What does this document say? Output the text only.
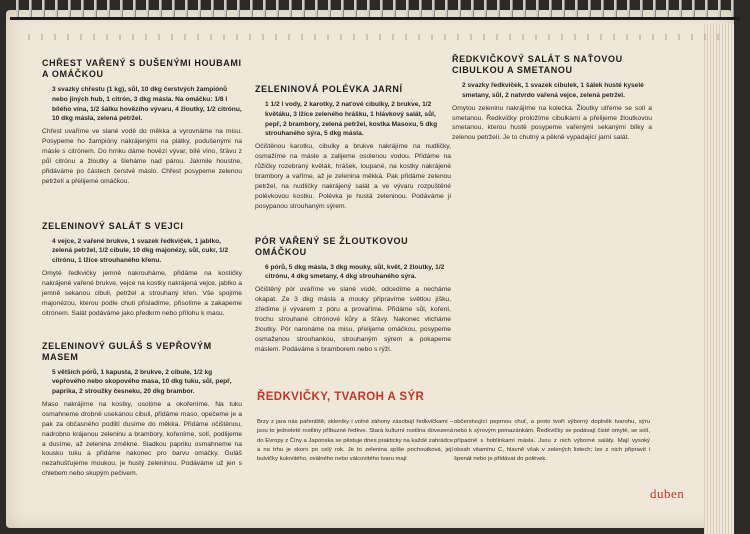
CHŘEST VAŘENÝ S DUŠENÝMI HOUBAMI A OMÁČKOU

3 svazky chřestu (1 kg), sůl, 10 dkg čerstvých žampiónů nebo jiných hub, 1 citrón, 3 dkg másla. Na omáčku: 1/8 l bílého vína, 1/2 šálku hovězího vývaru, 4 žloutky, 1/2 citrónu, 10 dkg másla, zelená petržel.

Chřest uvaříme ve slané vodě do měkka a vyrovnáme na misu. Posypeme ho žampióny nakrájenými na plátky, podušenými na másle s citrónem. Do hrnku dáme hovězí vývar, bílé víno, šťávu z půl citrónu a žloutky a šleháme nad párou. Jakmile houstne, přidáváme po částech čerstvé máslo. Chřest posypeme zelenou petrželí a přelijeme omáčkou.

ZELENINOVÝ SALÁT S VEJCI

4 vejce, 2 vařené brukve, 1 svazek ředkviček, 1 jablko, zelená petržel, 1/2 cibule, 10 dkg majonézy, sůl, cukr, 1/2 citrónu, 1 lžíce strouhaného křenu.

Omyté ředkvičky jemně nakrouháme, přidáme na kostičky nakrájené vařené brukve, vejce na kostky nakrájená vejce, jablko a jemně sekanou cibuli, petržel a strouhaný křen. Vše spojíme majonézou, kterou podle chuti přisladíme, přisolíme a zakapeme citrónem. Salát podáváme jako předkrm nebo přílohu k masu.

ZELENINOVÝ GULÁŠ S VEPŘOVÝM MASEM

5 větších pórů, 1 kapusta, 2 brukve, 2 cibule, 1/2 kg vepřového nebo skopového masa, 10 dkg tuku, sůl, pepř, paprika, 2 stroužky česneku, 20 dkg brambor.

Maso nakrájíme na kostky, osolíme a okořeníme. Na tuku osmahneme drobně usekanou cibuli, přidáme maso, opečeme je a pak za občasného podlití dusíme do měkka. Přidáme očištěnou, nadrobno krájenou zeleninu a brambory, kořeníme, solí, podlijeme a dusíme, až zelenina změkne. Sladkou papriku osmahneme na kousku tuku a přidáme nakonec pro barvu omáčky. Guláš nezahušťujeme moukou, je hustý zeleninou. Podáváme už jen s chlebem nebo skupým pečivem.

ZELENINOVÁ POLÉVKA JARNÍ

1 1/2 l vody, 2 karotky, 2 naťové cibulky, 2 brukve, 1/2 květáku, 3 lžíce zeleného hrášku, 1 hlávkový salát, sůl, pepř, 2 brambory, zelená petržel, kostka Masoxu, 5 dkg strouhaného sýra, 5 dkg másla.

Očištěnou karotku, cibulky a brukve nakrájíme na nudličky, osmažíme na másle a zalijeme osolenou vodou. Přidáme na růžičky rozebraný květák, hrášek, loupané, na kostky nakrájené brambory a vaříme, až je zelenina měkká. Pak přidáme zelenou petržel, na nudličky nakrájený salát a ve vývaru rozpuštěné polévkovou kostku. Polévka je hustá zeleninou. Podáváme ji posypanou strouhaným sýrem.

PÓR VAŘENÝ SE ŽLOUTKOVOU OMÁČKOU

6 pórů, 5 dkg másla, 3 dkg mouky, sůl, květ, 2 žloutky, 1/2 citrónu, 4 dkg smetany, 4 dkg strouhaného sýra.

Očištěný pór uvaříme ve slané vodě, odcedíme a necháme okapat. Ze 3 dkg másla a mouky připravíme světlou jíšku, zředíme ji vývarem z póru a provaříme. Přidáme sůl, koření, trochu strouhané citrónové kůry a šťávy. Nakonec vlicháme žloutky. Pór naronáme na misu, přelijeme omáčkou, posypeme osmaženou strouhankou, strouhaným sýrem a pokapeme máslem. Podáváme s bramborem nebo s rýží.

ŘEDKVIČKOVÝ SALÁT S NAŤOVOU CIBULKOU A SMETANOU

2 svazky ředkviček, 1 svazek cibulek, 1 šálek husté kyselé smetany, sůl, 2 natvrdo vařená vejce, zelená petržel.

Omytou zeleninu nakrájíme na kolečka. Žloutky utřeme se solí a smetanou. Ředkvičky proložíme cibulkami a přelijeme žloutkovou smetanou, kterou hustě posypeme vařenými sekanými bílky a zelenou petrželí. Je to chutný a pěkně vypadající jarní salát.

ŘEDKVIČKY, TVAROH A SÝR

Brzy z jara nás pařeniště, skleníky i volné záhony zásobují ředkvičkami – jsou to jednoleté rostliny příbuzné ředkve. Stará kulturní rostlina dovezená do Evropy z Číny a Japonska se pěstuje dnes prakticky na každé zahrádce a na trhu je skoro po celý rok. Je to zelenina spíše pochoutková, její bulvičky kulovitého, oválného nebo válcovitého tvaru mají

občerstvující peprnou chuť, a proto tvoří výborný doplněk tvarohu, sýru nebo k sýrovým pomazánkám. Ředkvičky se podávají čisté omyté, se solí, případně s hoblinkami másla. Jsou z nich výborné saláty. Mají vysoký obsah vitamínu C, hlavně však v zelených listech; lze z nich připravit i špenát nebo je přidávat do polévek.

duben
